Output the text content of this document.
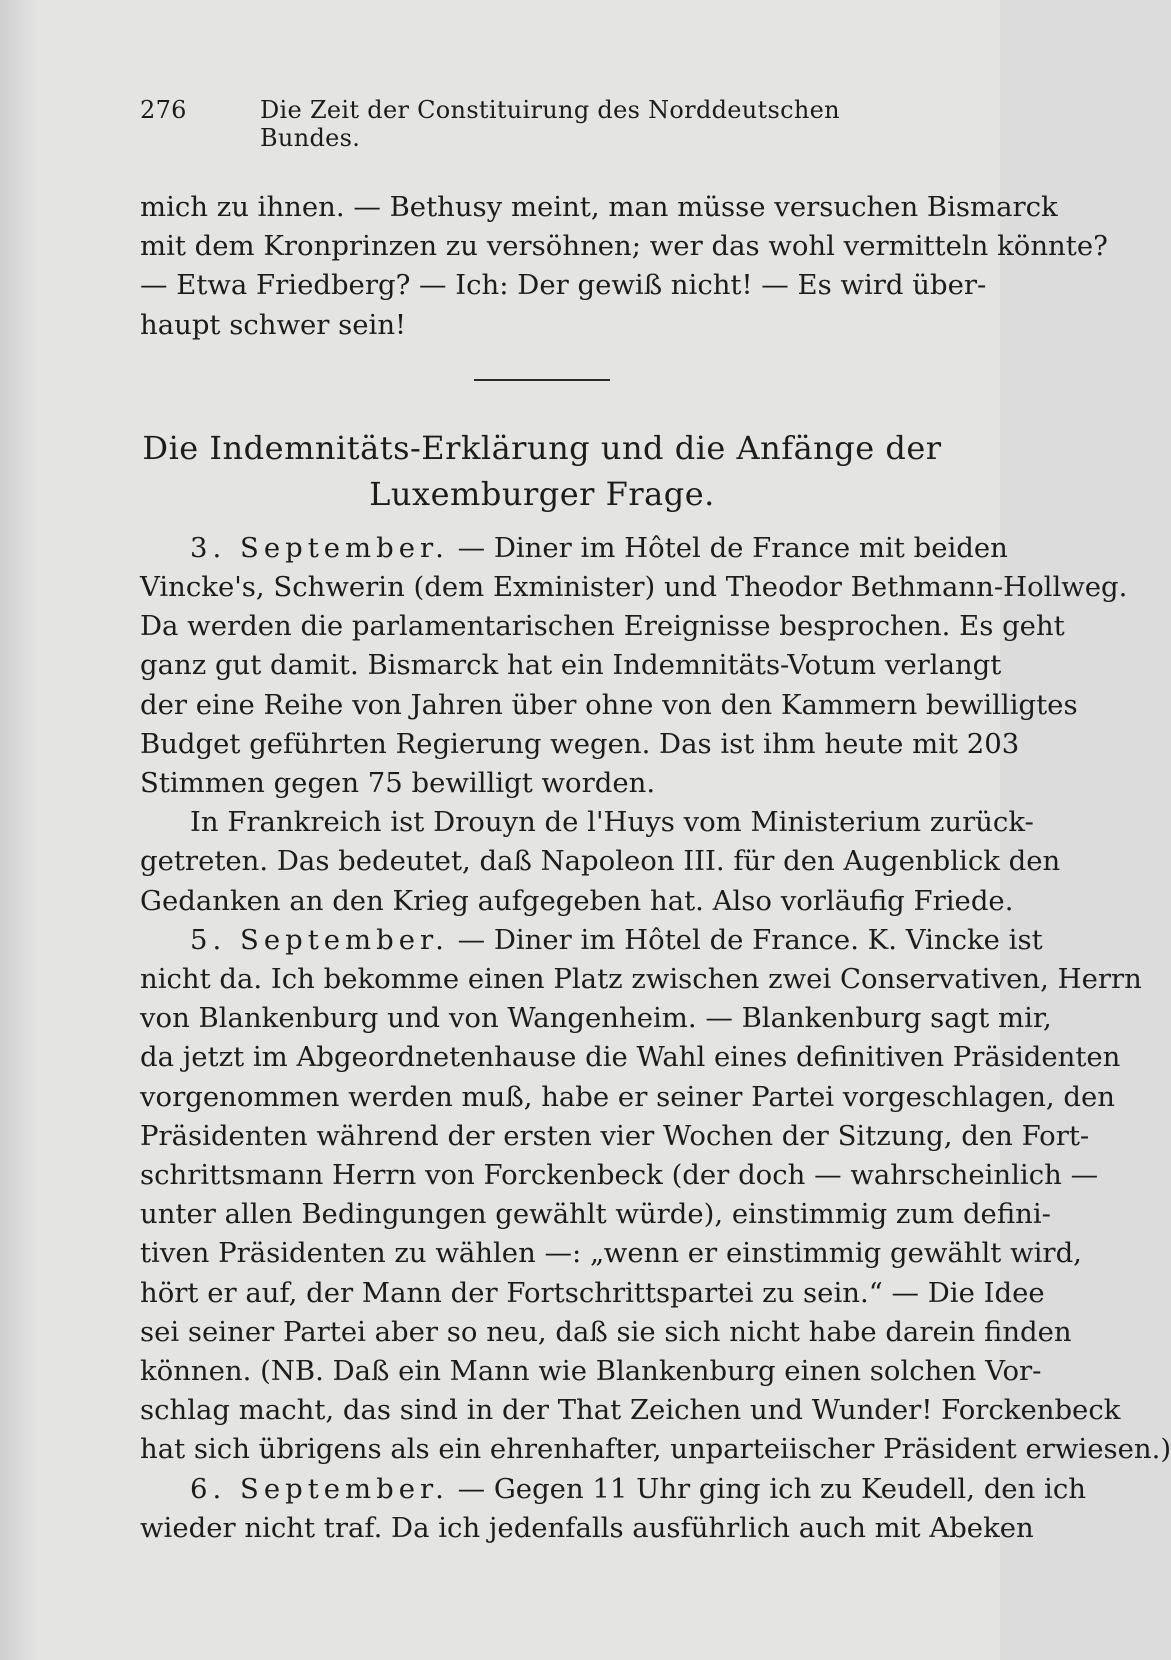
276	Die Zeit der Constituirung des Norddeutschen Bundes.
mich zu ihnen. — Bethusy meint, man müsse versuchen Bismarck
mit dem Kronprinzen zu versöhnen; wer das wohl vermitteln könnte?
— Etwa Friedberg? — Ich: Der gewiß nicht! — Es wird über-
haupt schwer sein!
Die Indemnitäts-Erklärung und die Anfänge der
Luxemburger Frage.
3. September. — Diner im Hôtel de France mit beiden
Vincke's, Schwerin (dem Exminister) und Theodor Bethmann-Hollweg.
Da werden die parlamentarischen Ereignisse besprochen. Es geht
ganz gut damit. Bismarck hat ein Indemnitäts-Votum verlangt
der eine Reihe von Jahren über ohne von den Kammern bewilligtes
Budget geführten Regierung wegen. Das ist ihm heute mit 203
Stimmen gegen 75 bewilligt worden.
In Frankreich ist Drouyn de l'Huys vom Ministerium zurück-
getreten. Das bedeutet, daß Napoleon III. für den Augenblick den
Gedanken an den Krieg aufgegeben hat. Also vorläufig Friede.
5. September. — Diner im Hôtel de France. K. Vincke ist
nicht da. Ich bekomme einen Platz zwischen zwei Conservativen, Herrn
von Blankenburg und von Wangenheim. — Blankenburg sagt mir,
da jetzt im Abgeordnetenhause die Wahl eines definitiven Präsidenten
vorgenommen werden muß, habe er seiner Partei vorgeschlagen, den
Präsidenten während der ersten vier Wochen der Sitzung, den Fort-
schrittsmann Herrn von Forckenbeck (der doch — wahrscheinlich —
unter allen Bedingungen gewählt würde), einstimmig zum defini-
tiven Präsidenten zu wählen —: „wenn er einstimmig gewählt wird,
hört er auf, der Mann der Fortschrittspartei zu sein.“ — Die Idee
sei seiner Partei aber so neu, daß sie sich nicht habe darein finden
können. (NB. Daß ein Mann wie Blankenburg einen solchen Vor-
schlag macht, das sind in der That Zeichen und Wunder! Forckenbeck
hat sich übrigens als ein ehrenhafter, unparteiischer Präsident erwiesen.)
6. September. — Gegen 11 Uhr ging ich zu Keudell, den ich
wieder nicht traf. Da ich jedenfalls ausführlich auch mit Abeken
